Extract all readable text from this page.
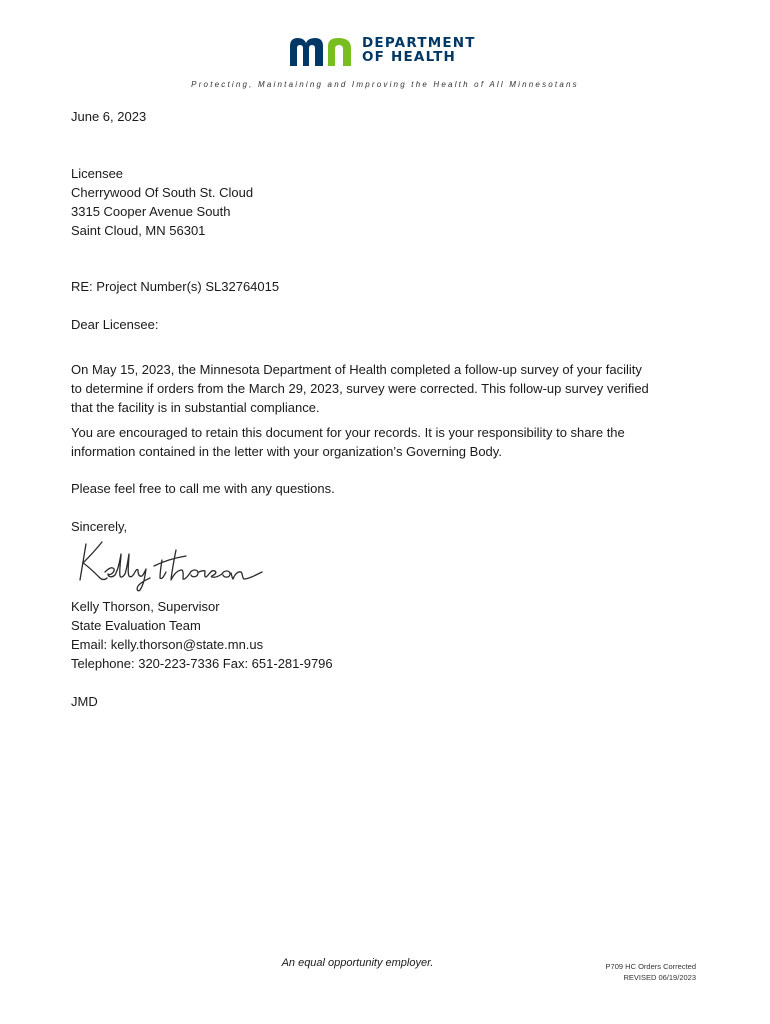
DEPARTMENT
OF HEALTH
Protecting, Maintaining and Improving the Health of All Minnesotans
June 6, 2023
Licensee
Cherrywood Of South St. Cloud
3315 Cooper Avenue South
Saint Cloud, MN 56301
RE: Project Number(s) SL32764015
Dear Licensee:
On May 15, 2023, the Minnesota Department of Health completed a follow-up survey of your facility
to determine if orders from the March 29, 2023, survey were corrected. This follow-up survey verified
that the facility is in substantial compliance.
You are encouraged to retain this document for your records. It is your responsibility to share the
information contained in the letter with your organization’s Governing Body.
Please feel free to call me with any questions.
Sincerely,
Kelly Thorson, Supervisor
State Evaluation Team
Email: kelly.thorson@state.mn.us
Telephone: 320-223-7336 Fax: 651-281-9796
JMD
An equal opportunity employer.	P709 HC Orders Corrected
REVISED 06/19/2023
